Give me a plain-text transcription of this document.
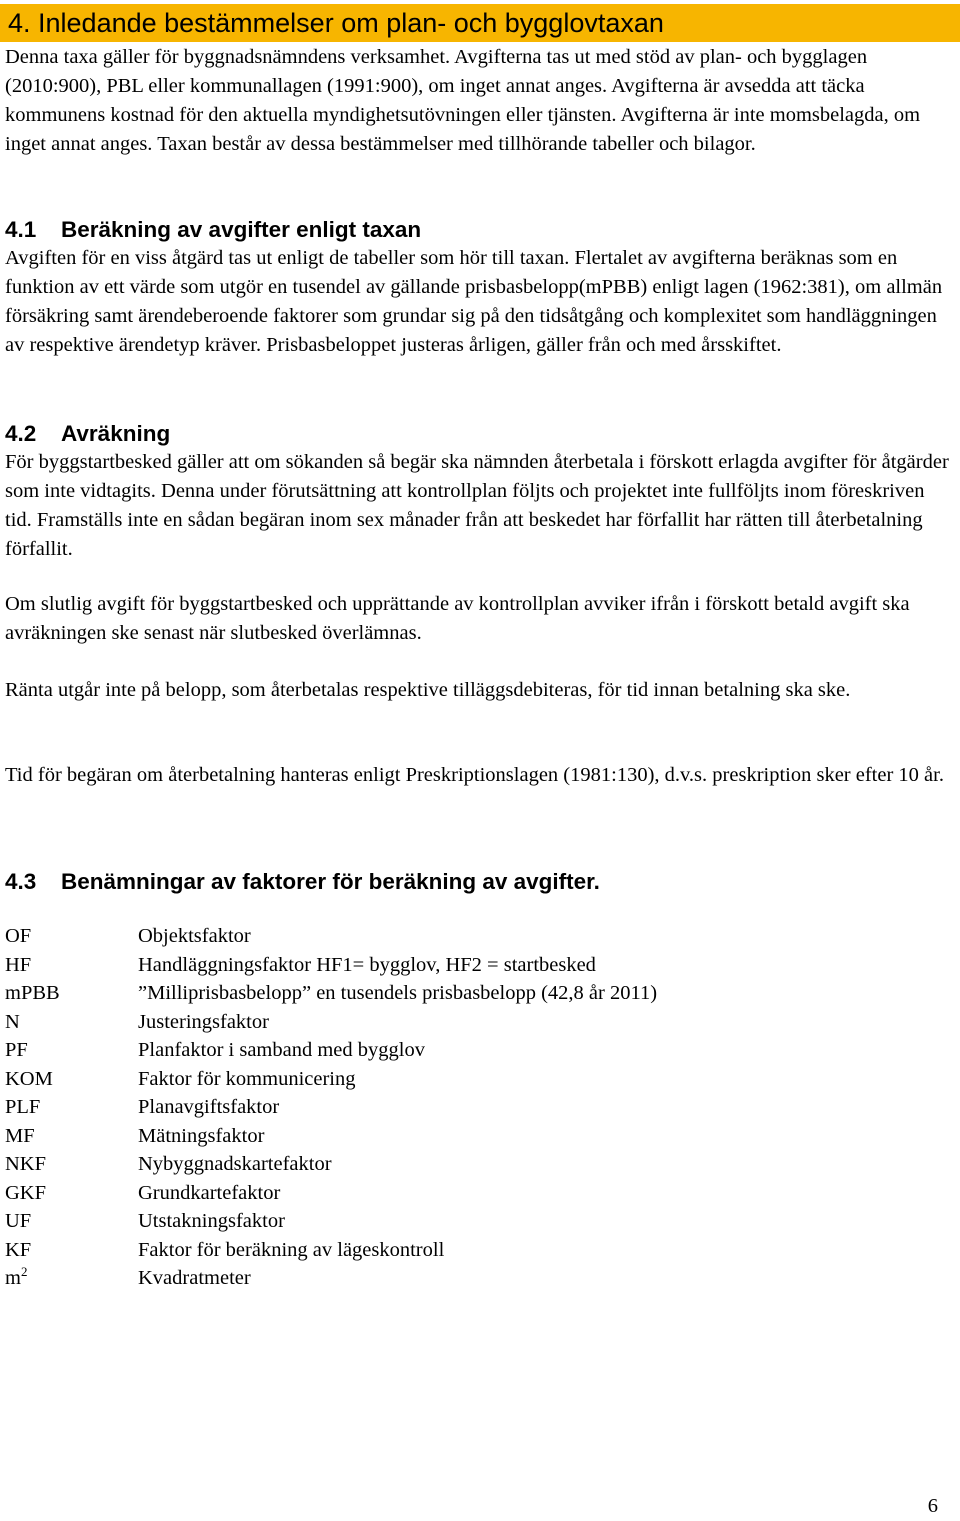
4. Inledande bestämmelser om plan- och bygglovtaxan

Denna taxa gäller för byggnadsnämndens verksamhet. Avgifterna tas ut med stöd av plan- och bygglagen (2010:900), PBL eller kommunallagen (1991:900), om inget annat anges. Avgifterna är avsedda att täcka kommunens kostnad för den aktuella myndighetsutövningen eller tjänsten. Avgifterna är inte momsbelagda, om inget annat anges. Taxan består av dessa bestämmelser med tillhörande tabeller och bilagor.

4.1 Beräkning av avgifter enligt taxan

Avgiften för en viss åtgärd tas ut enligt de tabeller som hör till taxan. Flertalet av avgifterna beräknas som en funktion av ett värde som utgör en tusendel av gällande prisbasbelopp(mPBB) enligt lagen (1962:381), om allmän försäkring samt ärendeberoende faktorer som grundar sig på den tidsåtgång och komplexitet som handläggningen av respektive ärendetyp kräver. Prisbasbeloppet justeras årligen, gäller från och med årsskiftet.

4.2 Avräkning

För byggstartbesked gäller att om sökanden så begär ska nämnden återbetala i förskott erlagda avgifter för åtgärder som inte vidtagits. Denna under förutsättning att kontrollplan följts och projektet inte fullföljts inom föreskriven tid. Framställs inte en sådan begäran inom sex månader från att beskedet har förfallit har rätten till återbetalning förfallit.

Om slutlig avgift för byggstartbesked och upprättande av kontrollplan avviker ifrån i förskott betald avgift ska avräkningen ske senast när slutbesked överlämnas.

Ränta utgår inte på belopp, som återbetalas respektive tilläggsdebiteras, för tid innan betalning ska ske.

Tid för begäran om återbetalning hanteras enligt Preskriptionslagen (1981:130), d.v.s. preskription sker efter 10 år.

4.3 Benämningar av faktorer för beräkning av avgifter.
OF	Objektsfaktor
HF	Handläggningsfaktor HF1= bygglov, HF2 = startbesked
mPBB	”Milliprisbasbelopp” en tusendels prisbasbelopp (42,8 år 2011)
N	Justeringsfaktor
PF	Planfaktor i samband med bygglov
KOM	Faktor för kommunicering
PLF	Planavgiftsfaktor
MF	Mätningsfaktor
NKF	Nybyggnadskartefaktor
GKF	Grundkartefaktor
UF	Utstakningsfaktor
KF	Faktor för beräkning av lägeskontroll
$m^2$	Kvadratmeter
6
